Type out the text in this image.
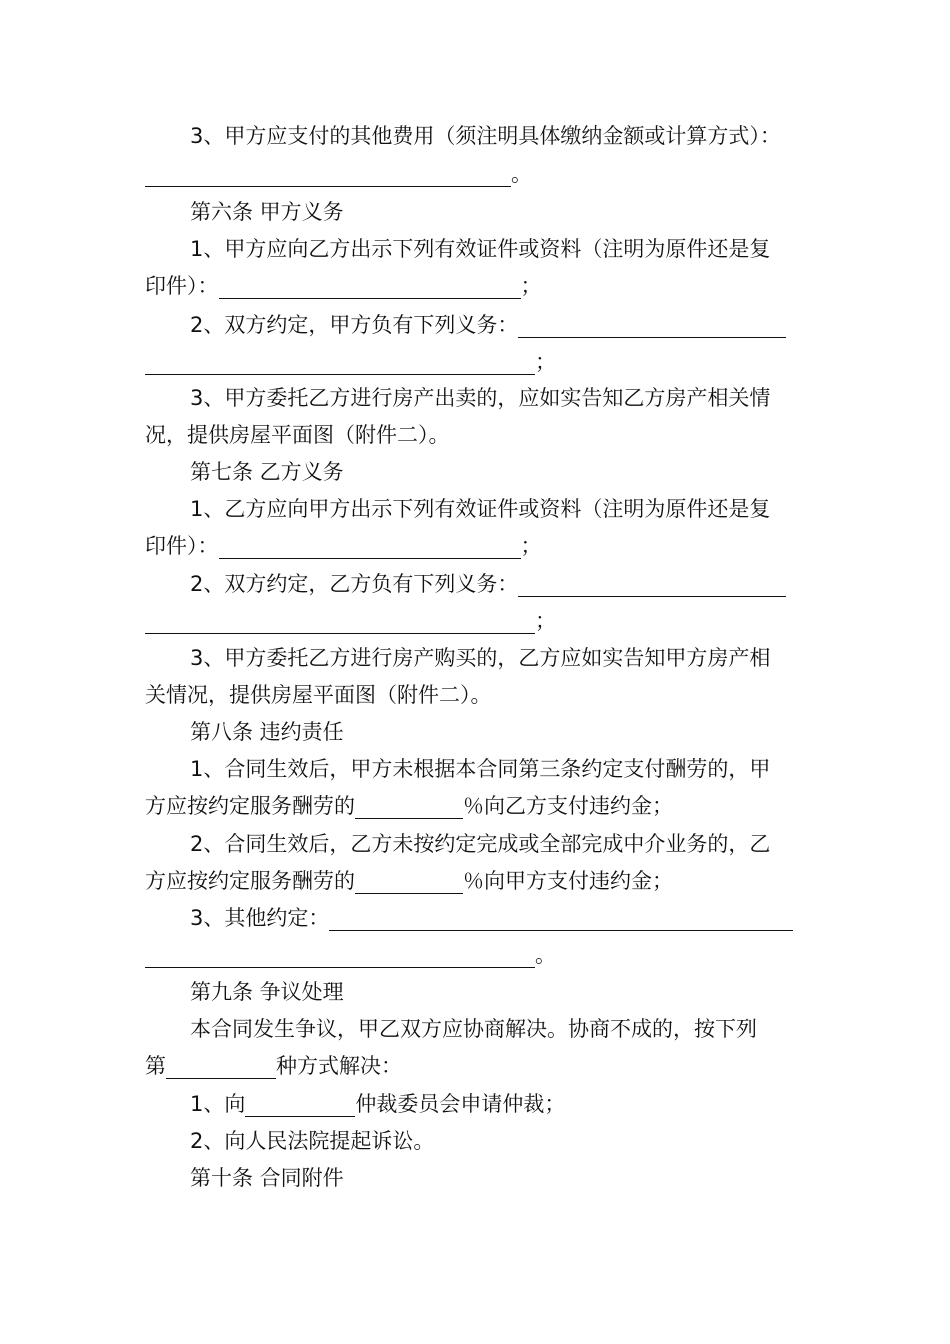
3、甲方应支付的其他费用（须注明具体缴纳金额或计算方式）：
。
第六条 甲方义务
1、甲方应向乙方出示下列有效证件或资料（注明为原件还是复
印件）：	；
2、双方约定，甲方负有下列义务：
；
3、甲方委托乙方进行房产出卖的，应如实告知乙方房产相关情
况，提供房屋平面图（附件二）。
第七条 乙方义务
1、乙方应向甲方出示下列有效证件或资料（注明为原件还是复
印件）：	；
2、双方约定，乙方负有下列义务：
；
3、甲方委托乙方进行房产购买的，乙方应如实告知甲方房产相
关情况，提供房屋平面图（附件二）。
第八条 违约责任
1、合同生效后，甲方未根据本合同第三条约定支付酬劳的，甲
方应按约定服务酬劳的	％向乙方支付违约金；
2、合同生效后，乙方未按约定完成或全部完成中介业务的，乙
方应按约定服务酬劳的	％向甲方支付违约金；
3、其他约定：
。
第九条 争议处理
本合同发生争议，甲乙双方应协商解决。协商不成的，按下列
第	种方式解决：
1、向	仲裁委员会申请仲裁；
2、向人民法院提起诉讼。
第十条 合同附件
